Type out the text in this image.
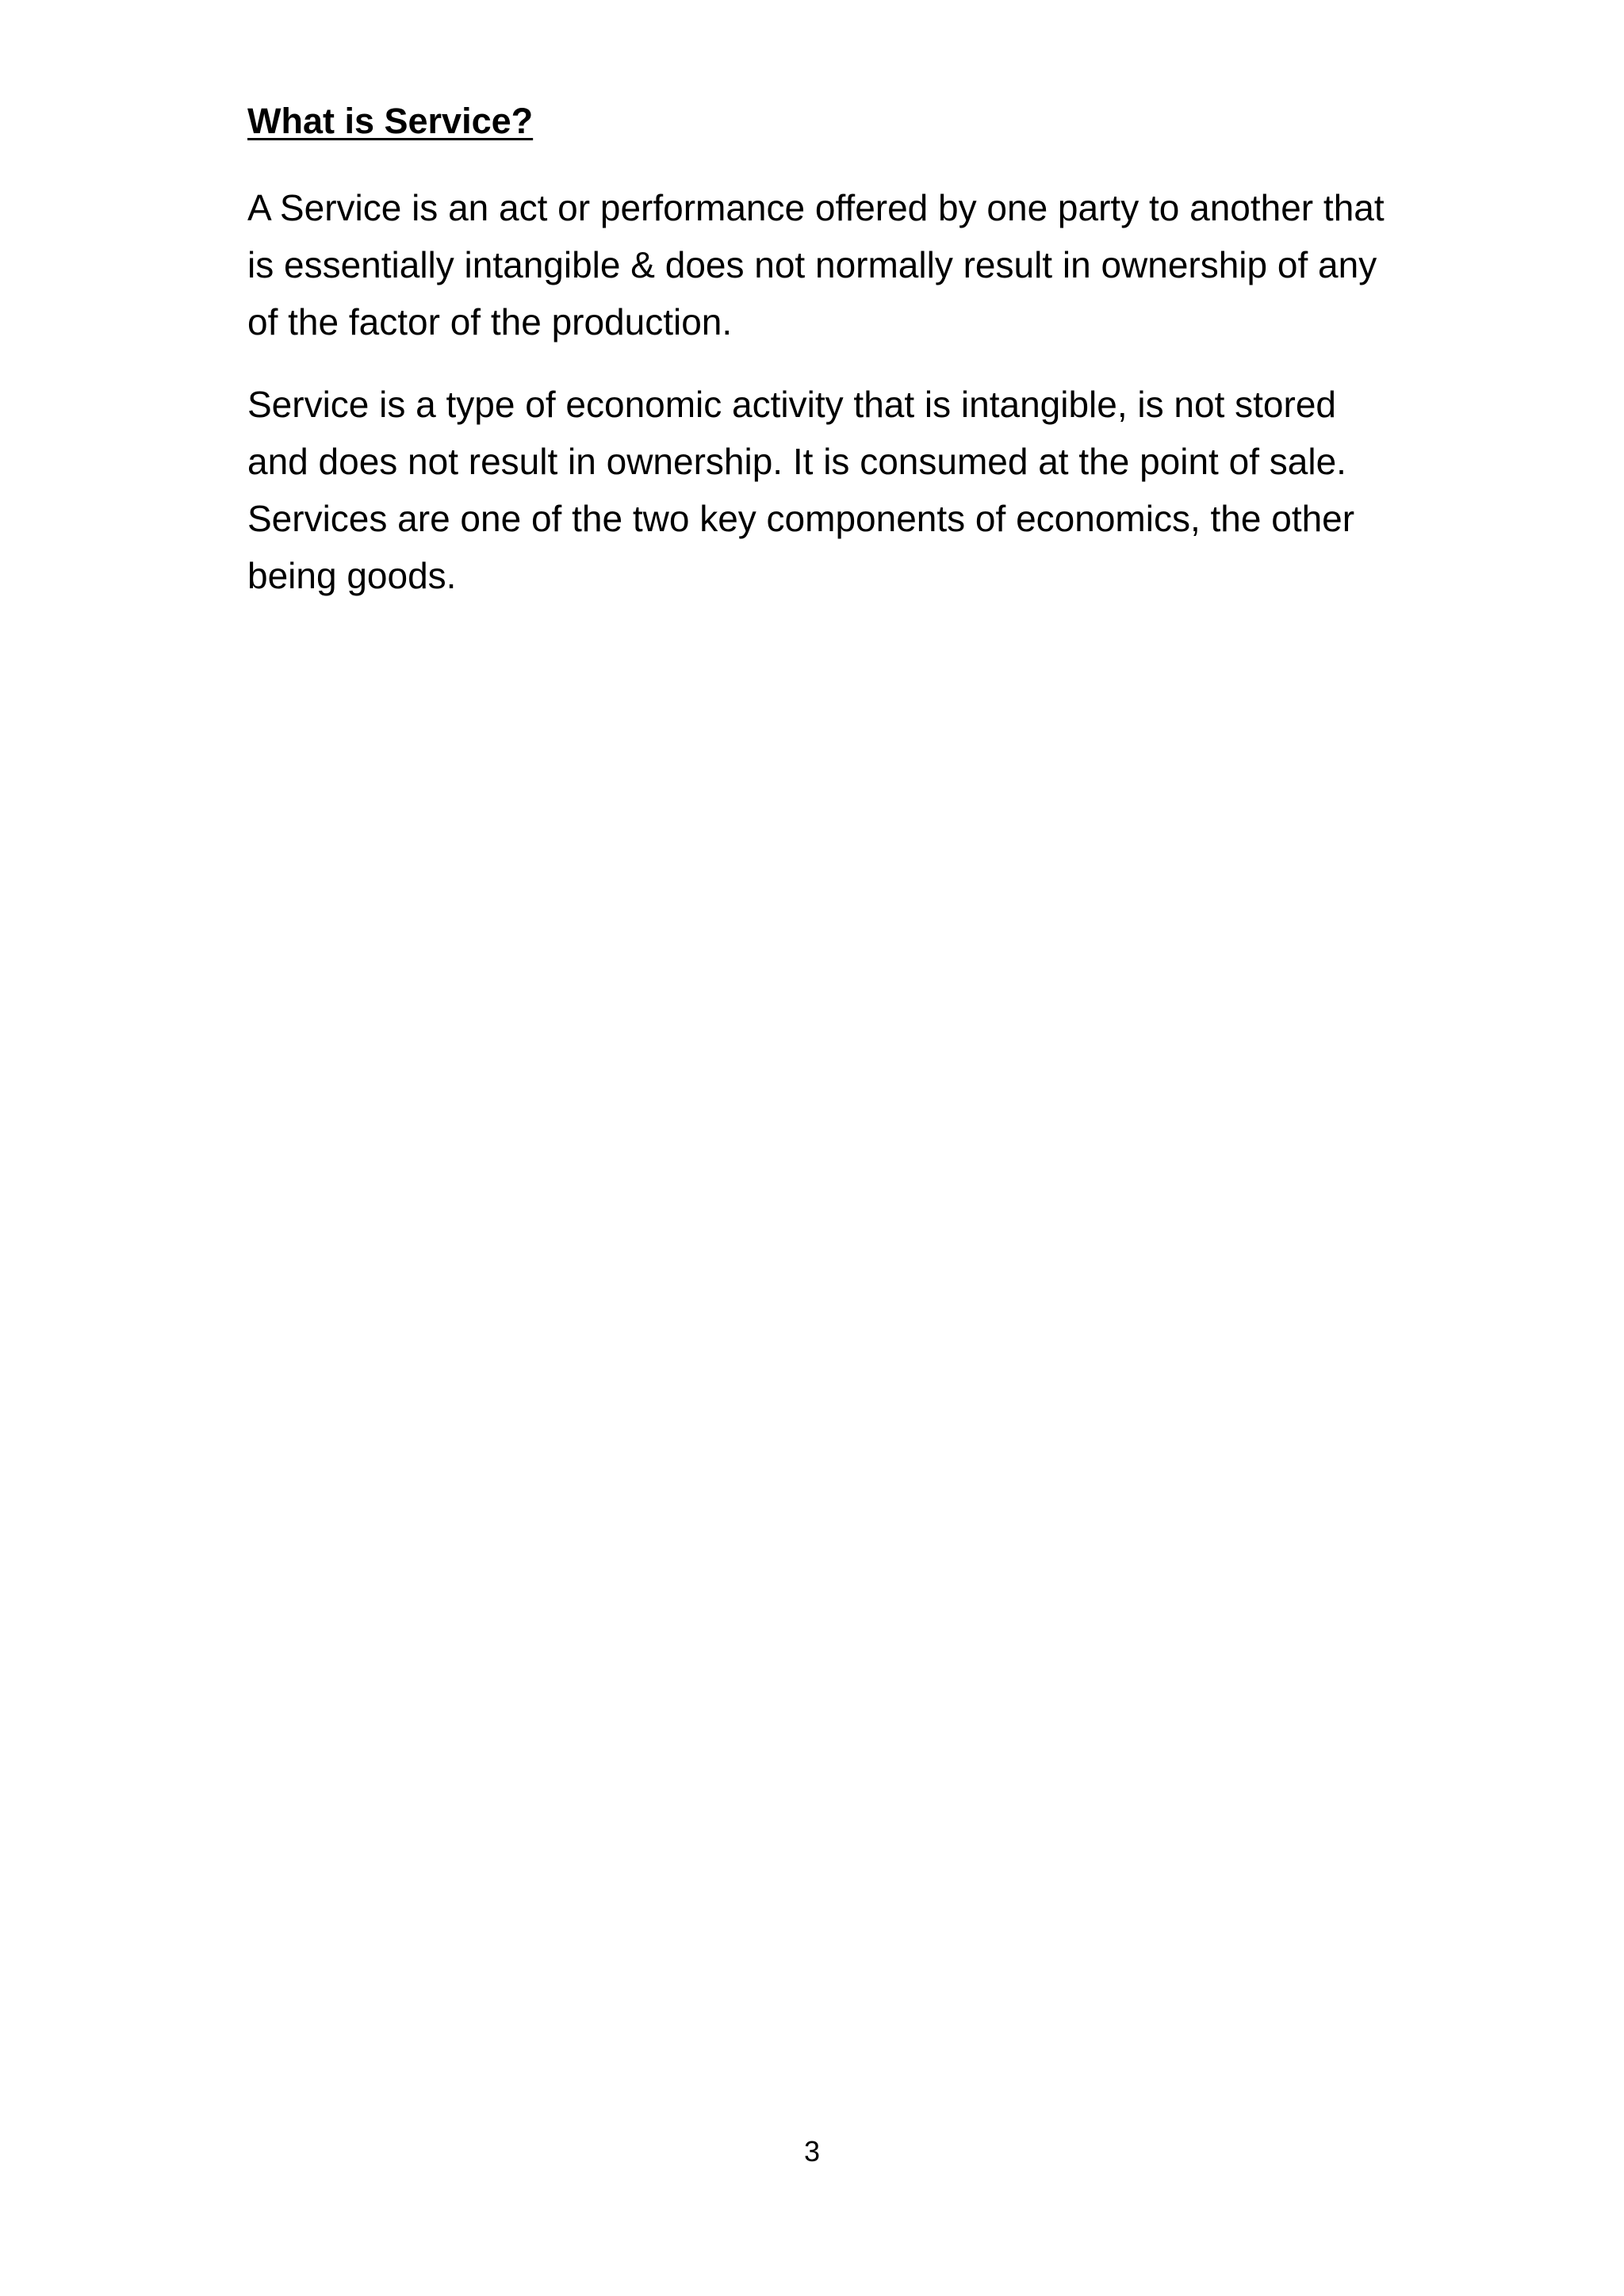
What is Service?

A Service is an act or performance offered by one party to another that is essentially intangible & does not normally result in ownership of any of the factor of the production.

Service is a type of economic activity that is intangible, is not stored and does not result in ownership. It is consumed at the point of sale. Services are one of the two key components of economics, the other being goods.

3
